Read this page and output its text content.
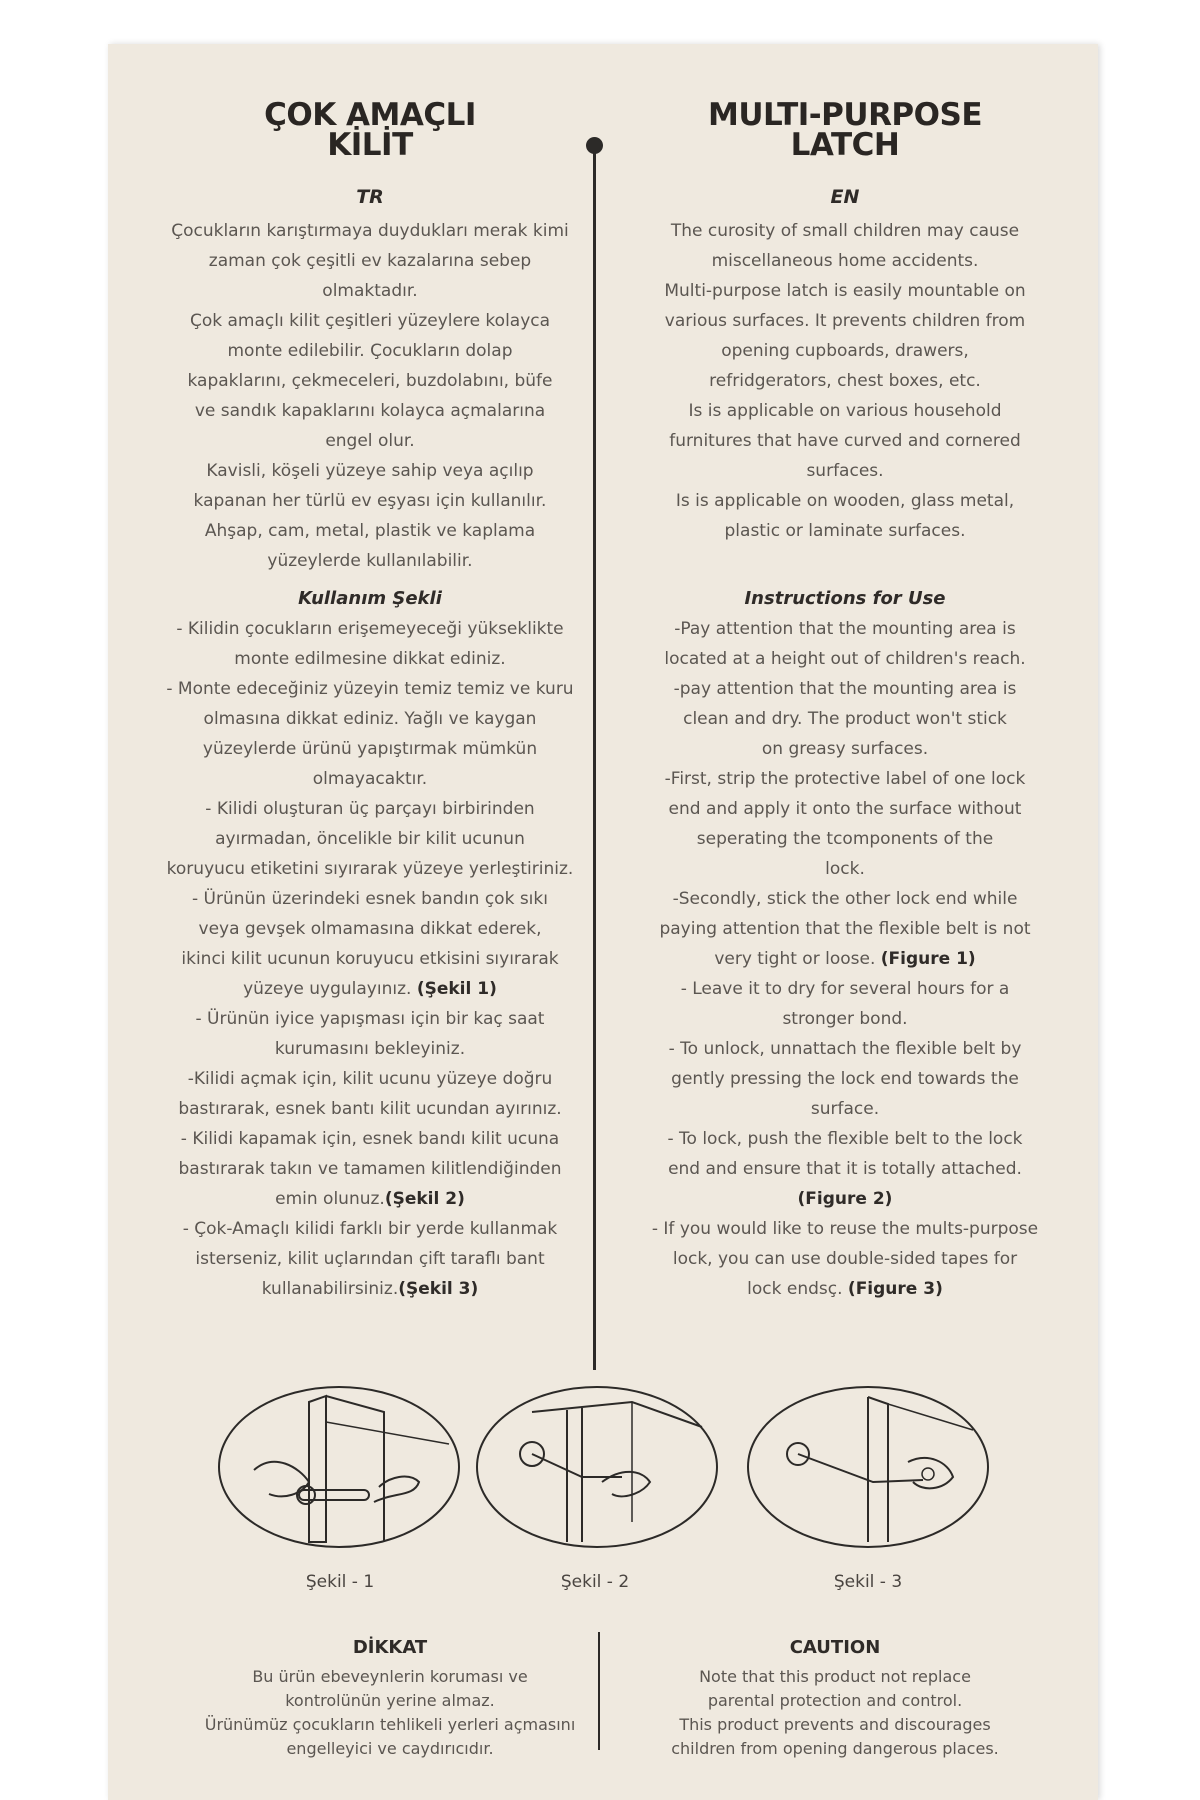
ÇOK AMAÇLI
KİLİT
TR

Çocukların karıştırmaya duydukları merak kimi
zaman çok çeşitli ev kazalarına sebep
olmaktadır.
Çok amaçlı kilit çeşitleri yüzeylere kolayca
monte edilebilir. Çocukların dolap
kapaklarını, çekmeceleri, buzdolabını, büfe
ve sandık kapaklarını kolayca açmalarına
engel olur.
Kavisli, köşeli yüzeye sahip veya açılıp
kapanan her türlü ev eşyası için kullanılır.
Ahşap, cam, metal, plastik ve kaplama
yüzeylerde kullanılabilir.

Kullanım Şekli

- Kilidin çocukların erişemeyeceği yükseklikte
monte edilmesine dikkat ediniz.

- Monte edeceğiniz yüzeyin temiz temiz ve kuru
olmasına dikkat ediniz. Yağlı ve kaygan
yüzeylerde ürünü yapıştırmak mümkün
olmayacaktır.

- Kilidi oluşturan üç parçayı birbirinden
ayırmadan, öncelikle bir kilit ucunun
koruyucu etiketini sıyırarak yüzeye yerleştiriniz.

- Ürünün üzerindeki esnek bandın çok sıkı
veya gevşek olmamasına dikkat ederek,
ikinci kilit ucunun koruyucu etkisini sıyırarak
yüzeye uygulayınız. (Şekil 1)

- Ürünün iyice yapışması için bir kaç saat
kurumasını bekleyiniz.

-Kilidi açmak için, kilit ucunu yüzeye doğru
bastırarak, esnek bantı kilit ucundan ayırınız.

- Kilidi kapamak için, esnek bandı kilit ucuna
bastırarak takın ve tamamen kilitlendiğinden
emin olunuz.(Şekil 2)

- Çok-Amaçlı kilidi farklı bir yerde kullanmak
isterseniz, kilit uçlarından çift taraflı bant
kullanabilirsiniz.(Şekil 3)

MULTI-PURPOSE
LATCH
EN

The curosity of small children may cause
miscellaneous home accidents.
Multi-purpose latch is easily mountable on
various surfaces. It prevents children from
opening cupboards, drawers,
refridgerators, chest boxes, etc.
Is is applicable on various household
furnitures that have curved and cornered
surfaces.
Is is applicable on wooden, glass metal,
plastic or laminate surfaces.

Instructions for Use

-Pay attention that the mounting area is
located at a height out of children's reach.

-pay attention that the mounting area is
clean and dry. The product won't stick
on greasy surfaces.

-First, strip the protective label of one lock
end and apply it onto the surface without
seperating the tcomponents of the
lock.

-Secondly, stick the other lock end while
paying attention that the flexible belt is not
very tight or loose. (Figure 1)

- Leave it to dry for several hours for a
stronger bond.

- To unlock, unnattach the flexible belt by
gently pressing the lock end towards the
surface.

- To lock, push the flexible belt to the lock
end and ensure that it is totally attached.
(Figure 2)

- If you would like to reuse the mults-purpose
lock, you can use double-sided tapes for
lock endsç. (Figure 3)

Şekil - 1	Şekil - 2	Şekil - 3
DİKKAT

Bu ürün ebeveynlerin koruması ve
kontrolünün yerine almaz.
Ürünümüz çocukların tehlikeli yerleri açmasını
engelleyici ve caydırıcıdır.

CAUTION

Note that this product not replace
parental protection and control.
This product prevents and discourages
children from opening dangerous places.
